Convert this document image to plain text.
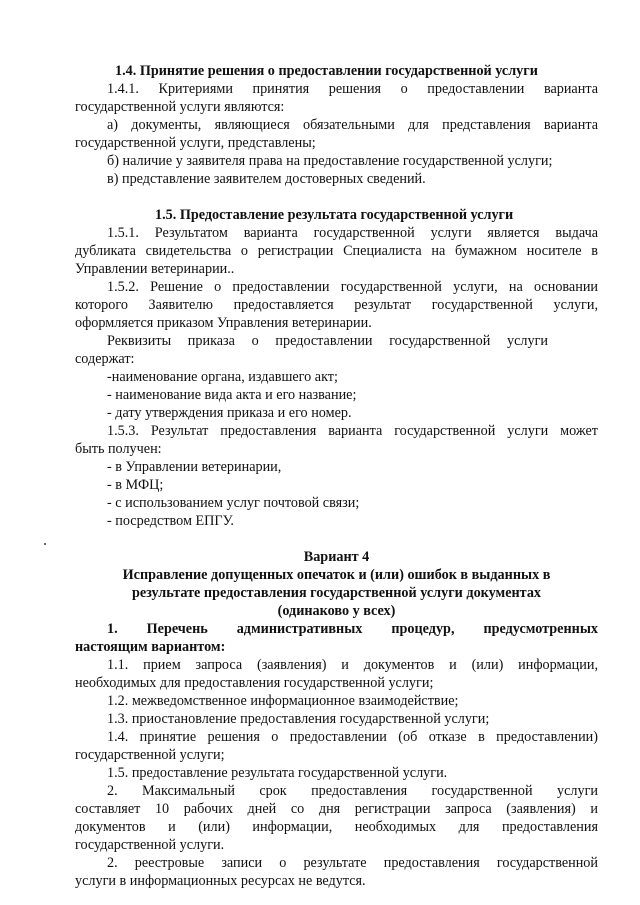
1.4. Принятие решения о предоставлении государственной услуги
1.4.1. Критериями принятия решения о предоставлении варианта
государственной услуги являются:
а) документы, являющиеся обязательными для представления варианта
государственной услуги, представлены;
б) наличие у заявителя права на предоставление государственной услуги;
в) представление заявителем достоверных сведений.
1.5. Предоставление результата государственной услуги
1.5.1. Результатом варианта государственной услуги является выдача
дубликата свидетельства о регистрации Специалиста на бумажном носителе в
Управлении ветеринарии..
1.5.2. Решение о предоставлении государственной услуги, на основании
которого Заявителю предоставляется результат государственной услуги,
оформляется приказом Управления ветеринарии.
Реквизиты приказа о предоставлении государственной услуги
содержат:
-наименование органа, издавшего акт;
- наименование вида акта и его название;
- дату утверждения приказа и его номер.
1.5.3. Результат предоставления варианта государственной услуги может
быть получен:
- в Управлении ветеринарии,
- в МФЦ;
- с использованием услуг почтовой связи;
- посредством ЕПГУ.
Вариант 4
Исправление допущенных опечаток и (или) ошибок в выданных в
результате предоставления государственной услуги документах
(одинаково у всех)
1. Перечень административных процедур, предусмотренных
настоящим вариантом:
1.1. прием запроса (заявления) и документов и (или) информации,
необходимых для предоставления государственной услуги;
1.2. межведомственное информационное взаимодействие;
1.3. приостановление предоставления государственной услуги;
1.4. принятие решения о предоставлении (об отказе в предоставлении)
государственной услуги;
1.5. предоставление результата государственной услуги.
2. Максимальный срок предоставления государственной услуги
составляет 10 рабочих дней со дня регистрации запроса (заявления) и
документов и (или) информации, необходимых для предоставления
государственной услуги.
2. реестровые записи о результате предоставления государственной
услуги в информационных ресурсах не ведутся.
